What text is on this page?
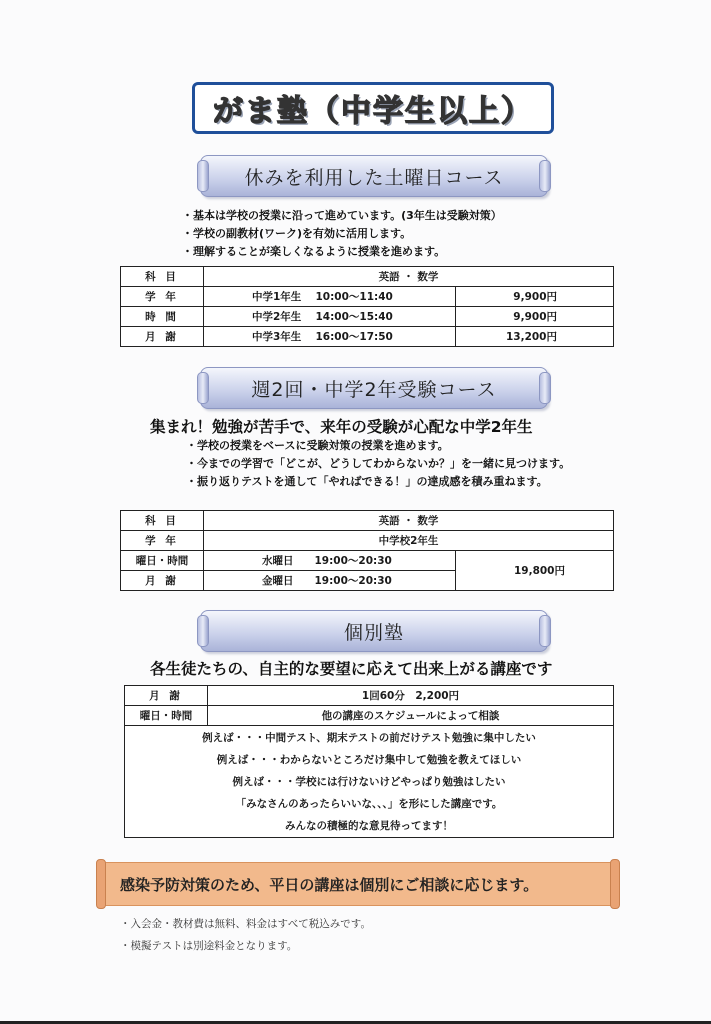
がま塾（中学生以上）
休みを利用した土曜日コース
・基本は学校の授業に沿って進めています。(3年生は受験対策）
・学校の副教材(ワーク)を有効に活用します。
・理解することが楽しくなるように授業を進めます。
科 目	英語 ・ 数学	
学 年	中学1年生　 10:00～11:40	9,900円
時 間	中学2年生　 14:00～15:40	9,900円
月 謝	中学3年生　 16:00～17:50	13,200円
週2回・中学2年受験コース
集まれ！勉強が苦手で、来年の受験が心配な中学2年生
・学校の授業をベースに受験対策の授業を進めます。
・今までの学習で「どこが、どうしてわからないか？」を一緒に見つけます。
・振り返りテストを通して「やればできる！」の達成感を積み重ねます。
科 目	英語 ・ 数学	
学 年	中学校2年生	
曜日・時間	水曜日　　19:00～20:30	19,800円
月 謝	金曜日　　19:00～20:30	
個別塾
各生徒たちの、自主的な要望に応えて出来上がる講座です
月 謝	1回60分　2,200円
曜日・時間	他の講座のスケジュールによって相談

例えば・・・中間テスト、期末テストの前だけテスト勉強に集中したい
例えば・・・わからないところだけ集中して勉強を教えてほしい
例えば・・・学校には行けないけどやっぱり勉強はしたい
「みなさんのあったらいいな、、、」を形にした講座です。
みんなの積極的な意見待ってます！	
感染予防対策のため、平日の講座は個別にご相談に応じます。
・入会金・教材費は無料、料金はすべて税込みです。
・模擬テストは別途料金となります。
